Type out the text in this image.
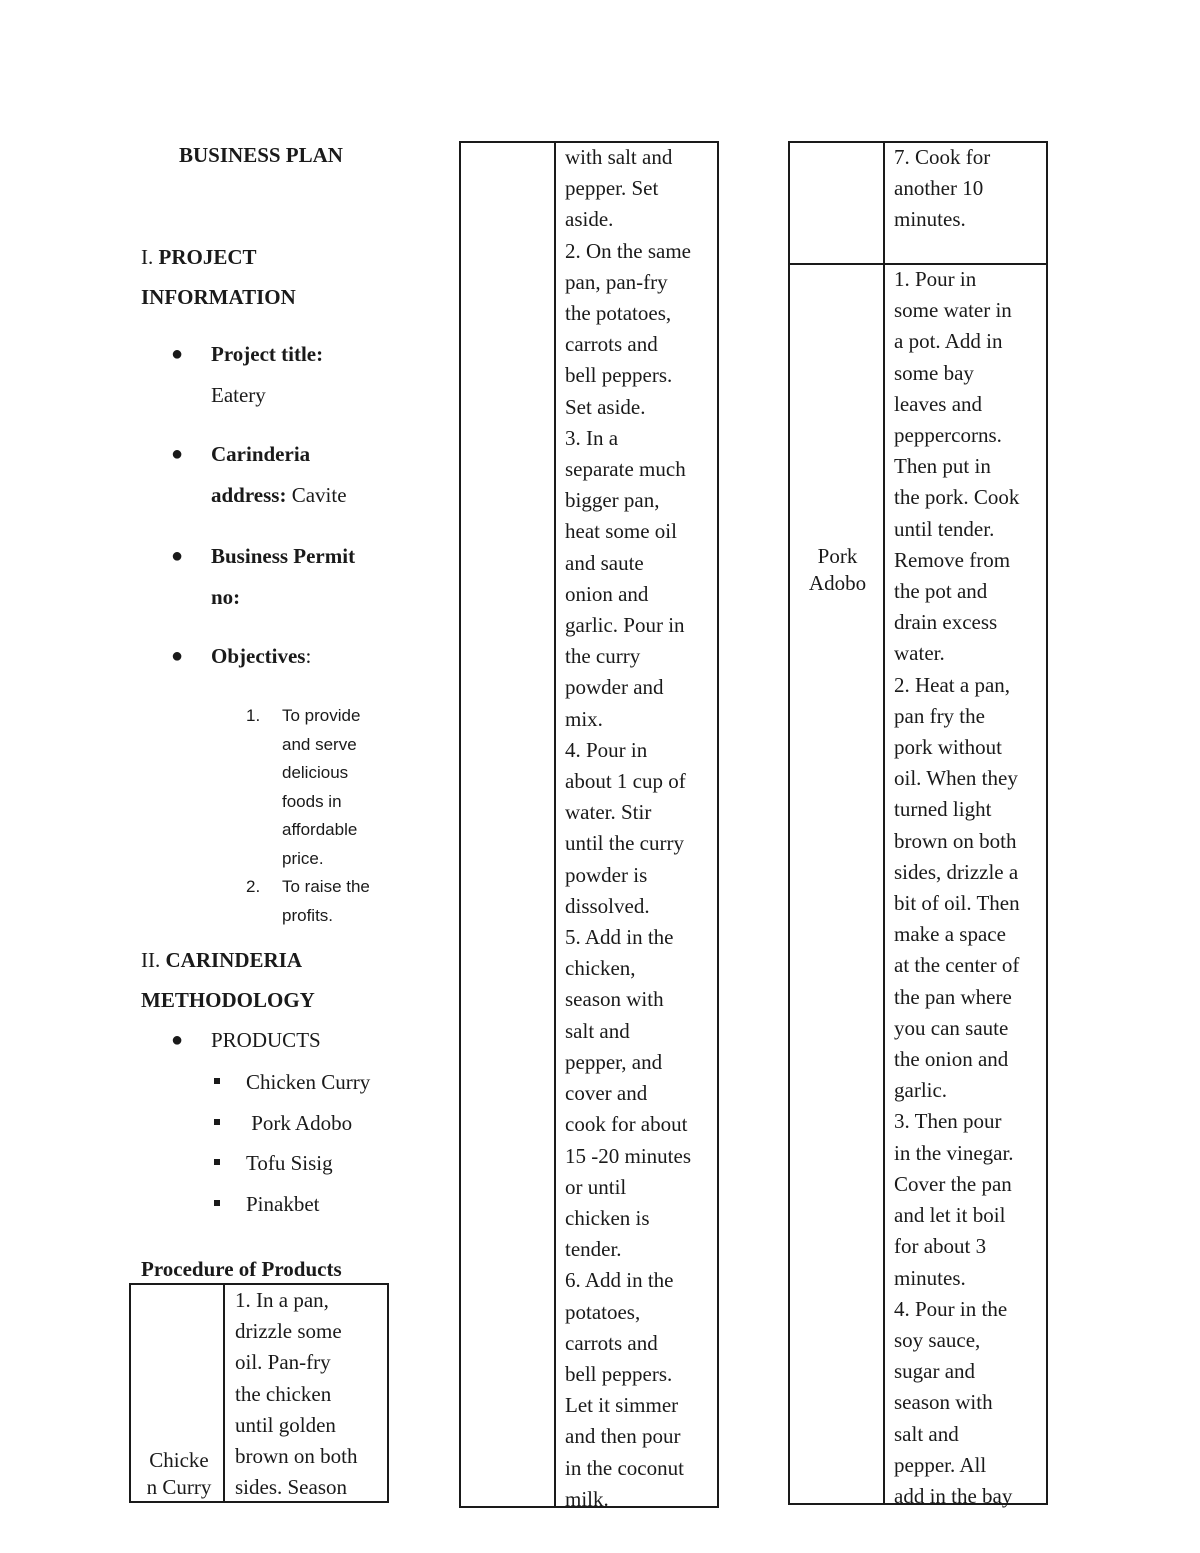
BUSINESS PLAN
I. PROJECT
INFORMATION
● Project title:
Eatery
● Carinderia
address: Cavite
● Business Permit
no:
● Objectives:
1. To provide
and serve
delicious
foods in
affordable
price.
2. To raise the
profits.
II. CARINDERIA
METHODOLOGY
● PRODUCTS
Chicken Curry
Pork Adobo
Tofu Sisig
Pinakbet
Procedure of Products
Chicke
n Curry
1. In a pan,
drizzle some
oil. Pan-fry
the chicken
until golden
brown on both
sides. Season
with salt and
pepper. Set
aside.
2. On the same
pan, pan-fry
the potatoes,
carrots and
bell peppers.
Set aside.
3. In a
separate much
bigger pan,
heat some oil
and saute
onion and
garlic. Pour in
the curry
powder and
mix.
4. Pour in
about 1 cup of
water. Stir
until the curry
powder is
dissolved.
5. Add in the
chicken,
season with
salt and
pepper, and
cover and
cook for about
15 -20 minutes
or until
chicken is
tender.
6. Add in the
potatoes,
carrots and
bell peppers.
Let it simmer
and then pour
in the coconut
milk.
7. Cook for
another 10
minutes.
Pork
Adobo
1. Pour in
some water in
a pot. Add in
some bay
leaves and
peppercorns.
Then put in
the pork. Cook
until tender.
Remove from
the pot and
drain excess
water.
2. Heat a pan,
pan fry the
pork without
oil. When they
turned light
brown on both
sides, drizzle a
bit of oil. Then
make a space
at the center of
the pan where
you can saute
the onion and
garlic.
3. Then pour
in the vinegar.
Cover the pan
and let it boil
for about 3
minutes.
4. Pour in the
soy sauce,
sugar and
season with
salt and
pepper. All
add in the bay
